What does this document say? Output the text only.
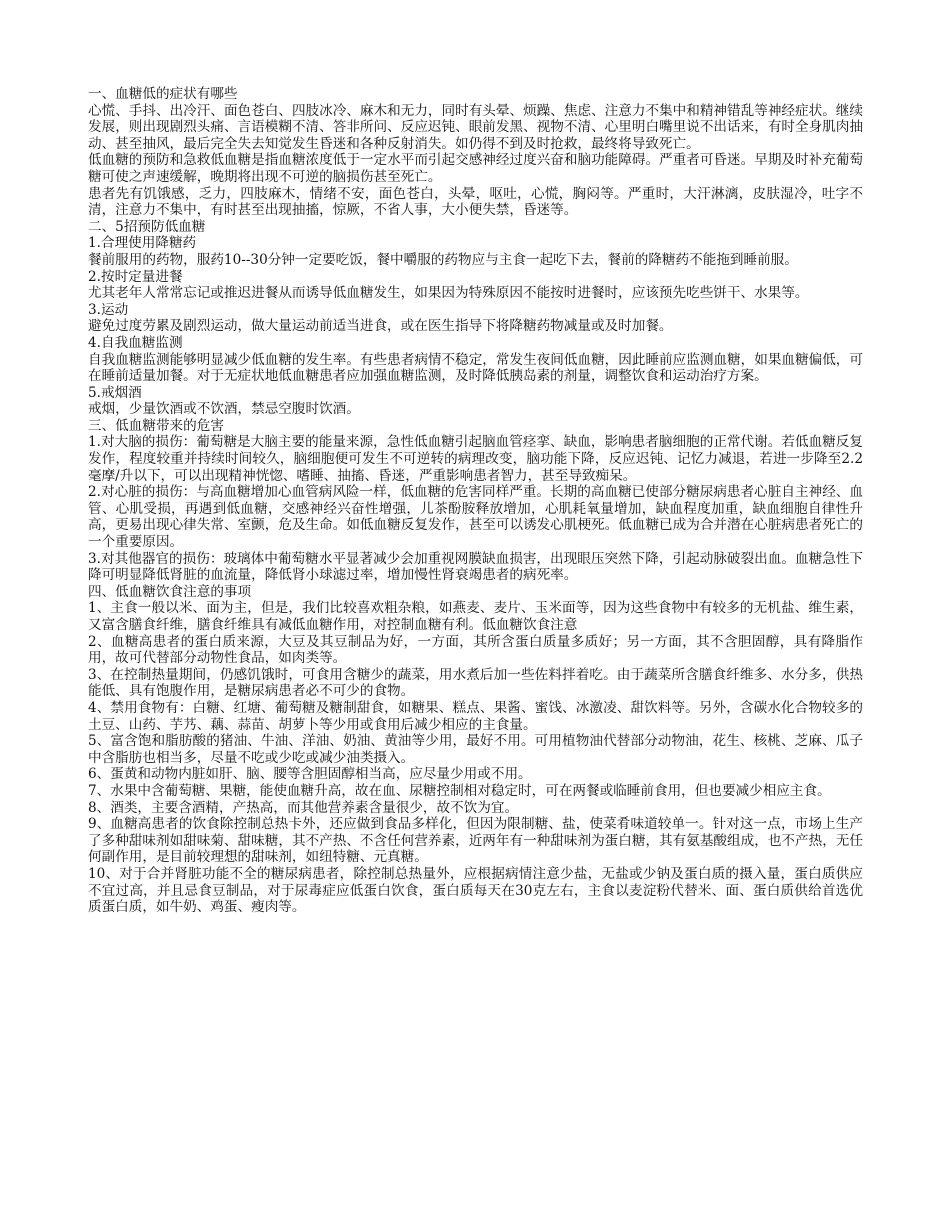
一、血糖低的症状有哪些

心慌、手抖、出冷汗、面色苍白、四肢冰冷、麻木和无力，同时有头晕、烦躁、焦虑、注意力不集中和精神错乱等神经症状。继续发展，则出现剧烈头痛、言语模糊不清、答非所问、反应迟钝、眼前发黑、视物不清、心里明白嘴里说不出话来，有时全身肌肉抽动、甚至抽风，最后完全失去知觉发生昏迷和各种反射消失。如仍得不到及时抢救，最终将导致死亡。

低血糖的预防和急救低血糖是指血糖浓度低于一定水平而引起交感神经过度兴奋和脑功能障碍。严重者可昏迷。早期及时补充葡萄糖可使之声速缓解，晚期将出现不可逆的脑损伤甚至死亡。

患者先有饥饿感，乏力，四肢麻木，情绪不安，面色苍白，头晕，呕吐，心慌，胸闷等。严重时，大汗淋漓，皮肤湿冷，吐字不清，注意力不集中，有时甚至出现抽搐，惊厥，不省人事，大小便失禁，昏迷等。

二、5招预防低血糖

1.合理使用降糖药

餐前服用的药物，服药10--30分钟一定要吃饭，餐中嚼服的药物应与主食一起吃下去，餐前的降糖药不能拖到睡前服。

2.按时定量进餐

尤其老年人常常忘记或推迟进餐从而诱导低血糖发生，如果因为特殊原因不能按时进餐时，应该预先吃些饼干、水果等。

3.运动

避免过度劳累及剧烈运动，做大量运动前适当进食，或在医生指导下将降糖药物减量或及时加餐。

4.自我血糖监测

自我血糖监测能够明显减少低血糖的发生率。有些患者病情不稳定，常发生夜间低血糖，因此睡前应监测血糖，如果血糖偏低，可在睡前适量加餐。对于无症状地低血糖患者应加强血糖监测，及时降低胰岛素的剂量，调整饮食和运动治疗方案。

5.戒烟酒

戒烟，少量饮酒或不饮酒，禁忌空腹时饮酒。

三、低血糖带来的危害

1.对大脑的损伤：葡萄糖是大脑主要的能量来源，急性低血糖引起脑血管痉挛、缺血，影响患者脑细胞的正常代谢。若低血糖反复发作，程度较重并持续时间较久，脑细胞便可发生不可逆转的病理改变，脑功能下降，反应迟钝、记忆力减退，若进一步降至2.2毫摩/升以下，可以出现精神恍惚、嗜睡、抽搐、昏迷，严重影响患者智力，甚至导致痴呆。

2.对心脏的损伤：与高血糖增加心血管病风险一样，低血糖的危害同样严重。长期的高血糖已使部分糖尿病患者心脏自主神经、血管、心肌受损，再遇到低血糖，交感神经兴奋性增强，儿茶酚胺释放增加，心肌耗氧量增加，缺血程度加重，缺血细胞自律性升高，更易出现心律失常、室颤，危及生命。如低血糖反复发作，甚至可以诱发心肌梗死。低血糖已成为合并潜在心脏病患者死亡的一个重要原因。

3.对其他器官的损伤：玻璃体中葡萄糖水平显著减少会加重视网膜缺血损害，出现眼压突然下降，引起动脉破裂出血。血糖急性下降可明显降低肾脏的血流量，降低肾小球滤过率，增加慢性肾衰竭患者的病死率。

四、低血糖饮食注意的事项

1、主食一般以米、面为主，但是，我们比较喜欢粗杂粮，如燕麦、麦片、玉米面等，因为这些食物中有较多的无机盐、维生素，又富含膳食纤维，膳食纤维具有减低血糖作用，对控制血糖有利。低血糖饮食注意

2、血糖高患者的蛋白质来源，大豆及其豆制品为好，一方面，其所含蛋白质量多质好；另一方面，其不含胆固醇，具有降脂作用，故可代替部分动物性食品，如肉类等。

3、在控制热量期间，仍感饥饿时，可食用含糖少的蔬菜，用水煮后加一些佐料拌着吃。由于蔬菜所含膳食纤维多、水分多，供热能低、具有饱腹作用，是糖尿病患者必不可少的食物。

4、禁用食物有：白糖、红塘、葡萄糖及糖制甜食，如糖果、糕点、果酱、蜜饯、冰激凌、甜饮料等。另外，含碳水化合物较多的土豆、山药、芋艿、藕、蒜苗、胡萝卜等少用或食用后减少相应的主食量。

5、富含饱和脂肪酸的猪油、牛油、洋油、奶油、黄油等少用，最好不用。可用植物油代替部分动物油，花生、核桃、芝麻、瓜子中含脂肪也相当多，尽量不吃或少吃或减少油类摄入。

6、蛋黄和动物内脏如肝、脑、腰等含胆固醇相当高，应尽量少用或不用。

7、水果中含葡萄糖、果糖，能使血糖升高，故在血、尿糖控制相对稳定时，可在两餐或临睡前食用，但也要减少相应主食。

8、酒类，主要含酒精，产热高，而其他营养素含量很少，故不饮为宜。

9、血糖高患者的饮食除控制总热卡外，还应做到食品多样化，但因为限制糖、盐，使菜肴味道较单一。针对这一点，市场上生产了多种甜味剂如甜味菊、甜味糖，其不产热、不含任何营养素，近两年有一种甜味剂为蛋白糖，其有氨基酸组成，也不产热，无任何副作用，是目前较理想的甜味剂，如纽特糖、元真糖。

10、对于合并肾脏功能不全的糖尿病患者，除控制总热量外，应根据病情注意少盐，无盐或少钠及蛋白质的摄入量，蛋白质供应不宜过高，并且忌食豆制品，对于尿毒症应低蛋白饮食，蛋白质每天在30克左右，主食以麦淀粉代替米、面、蛋白质供给首选优质蛋白质，如牛奶、鸡蛋、瘦肉等。
